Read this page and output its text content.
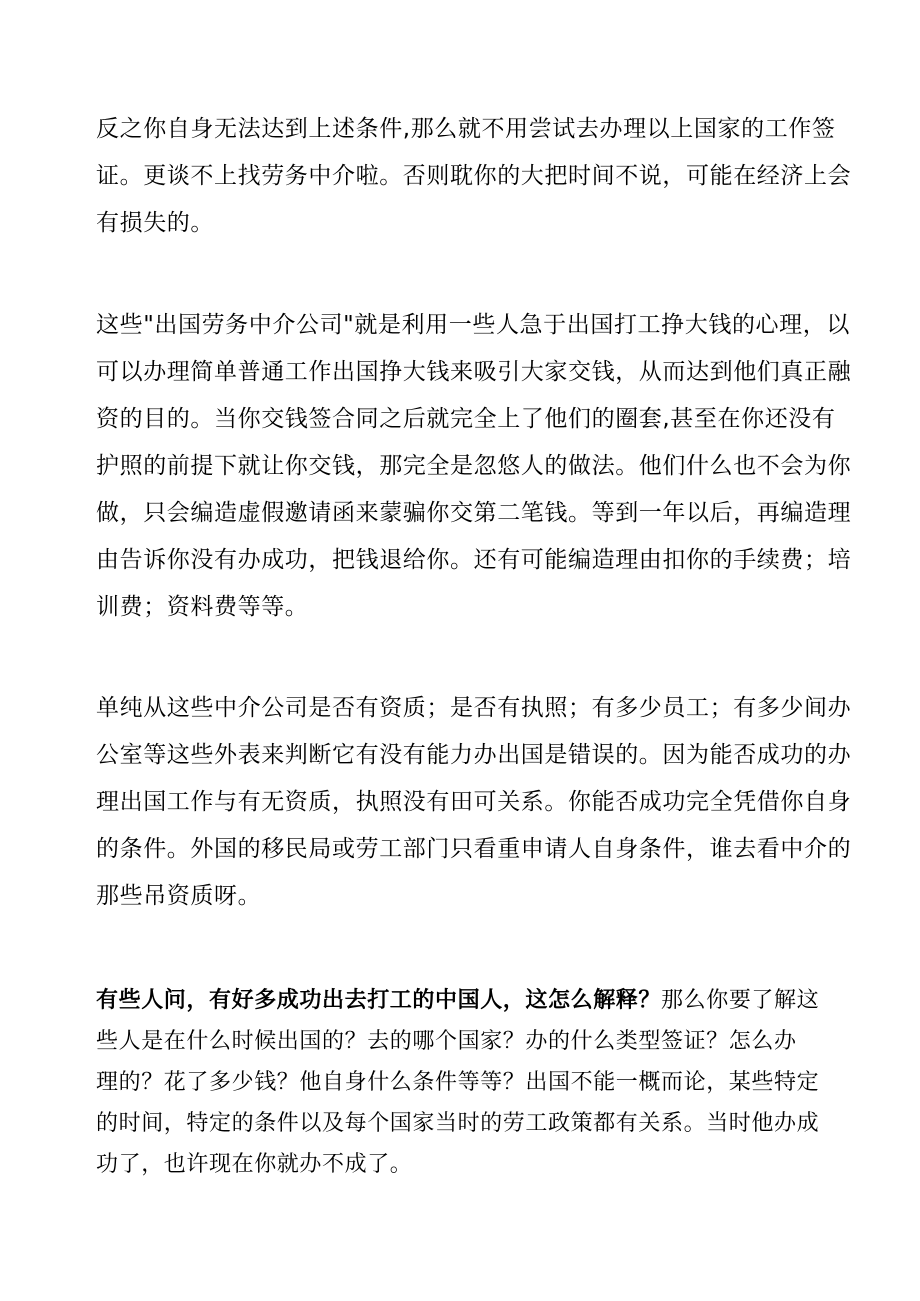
反之你自身无法达到上述条件,那么就不用尝试去办理以上国家的工作签
证。更谈不上找劳务中介啦。否则耽你的大把时间不说，可能在经济上会
有损失的。

这些"出国劳务中介公司"就是利用一些人急于出国打工挣大钱的心理，以
可以办理简单普通工作出国挣大钱来吸引大家交钱，从而达到他们真正融
资的目的。当你交钱签合同之后就完全上了他们的圈套,甚至在你还没有
护照的前提下就让你交钱，那完全是忽悠人的做法。他们什么也不会为你
做，只会编造虚假邀请函来蒙骗你交第二笔钱。等到一年以后，再编造理
由告诉你没有办成功，把钱退给你。还有可能编造理由扣你的手续费；培
训费；资料费等等。

单纯从这些中介公司是否有资质；是否有执照；有多少员工；有多少间办
公室等这些外表来判断它有没有能力办出国是错误的。因为能否成功的办
理出国工作与有无资质，执照没有田可关系。你能否成功完全凭借你自身
的条件。外国的移民局或劳工部门只看重申请人自身条件，谁去看中介的
那些吊资质呀。

有些人问，有好多成功出去打工的中国人，这怎么解释？那么你要了解这
些人是在什么时候出国的？去的哪个国家？办的什么类型签证？怎么办
理的？花了多少钱？他自身什么条件等等？出国不能一概而论，某些特定
的时间，特定的条件以及每个国家当时的劳工政策都有关系。当时他办成
功了，也许现在你就办不成了。
